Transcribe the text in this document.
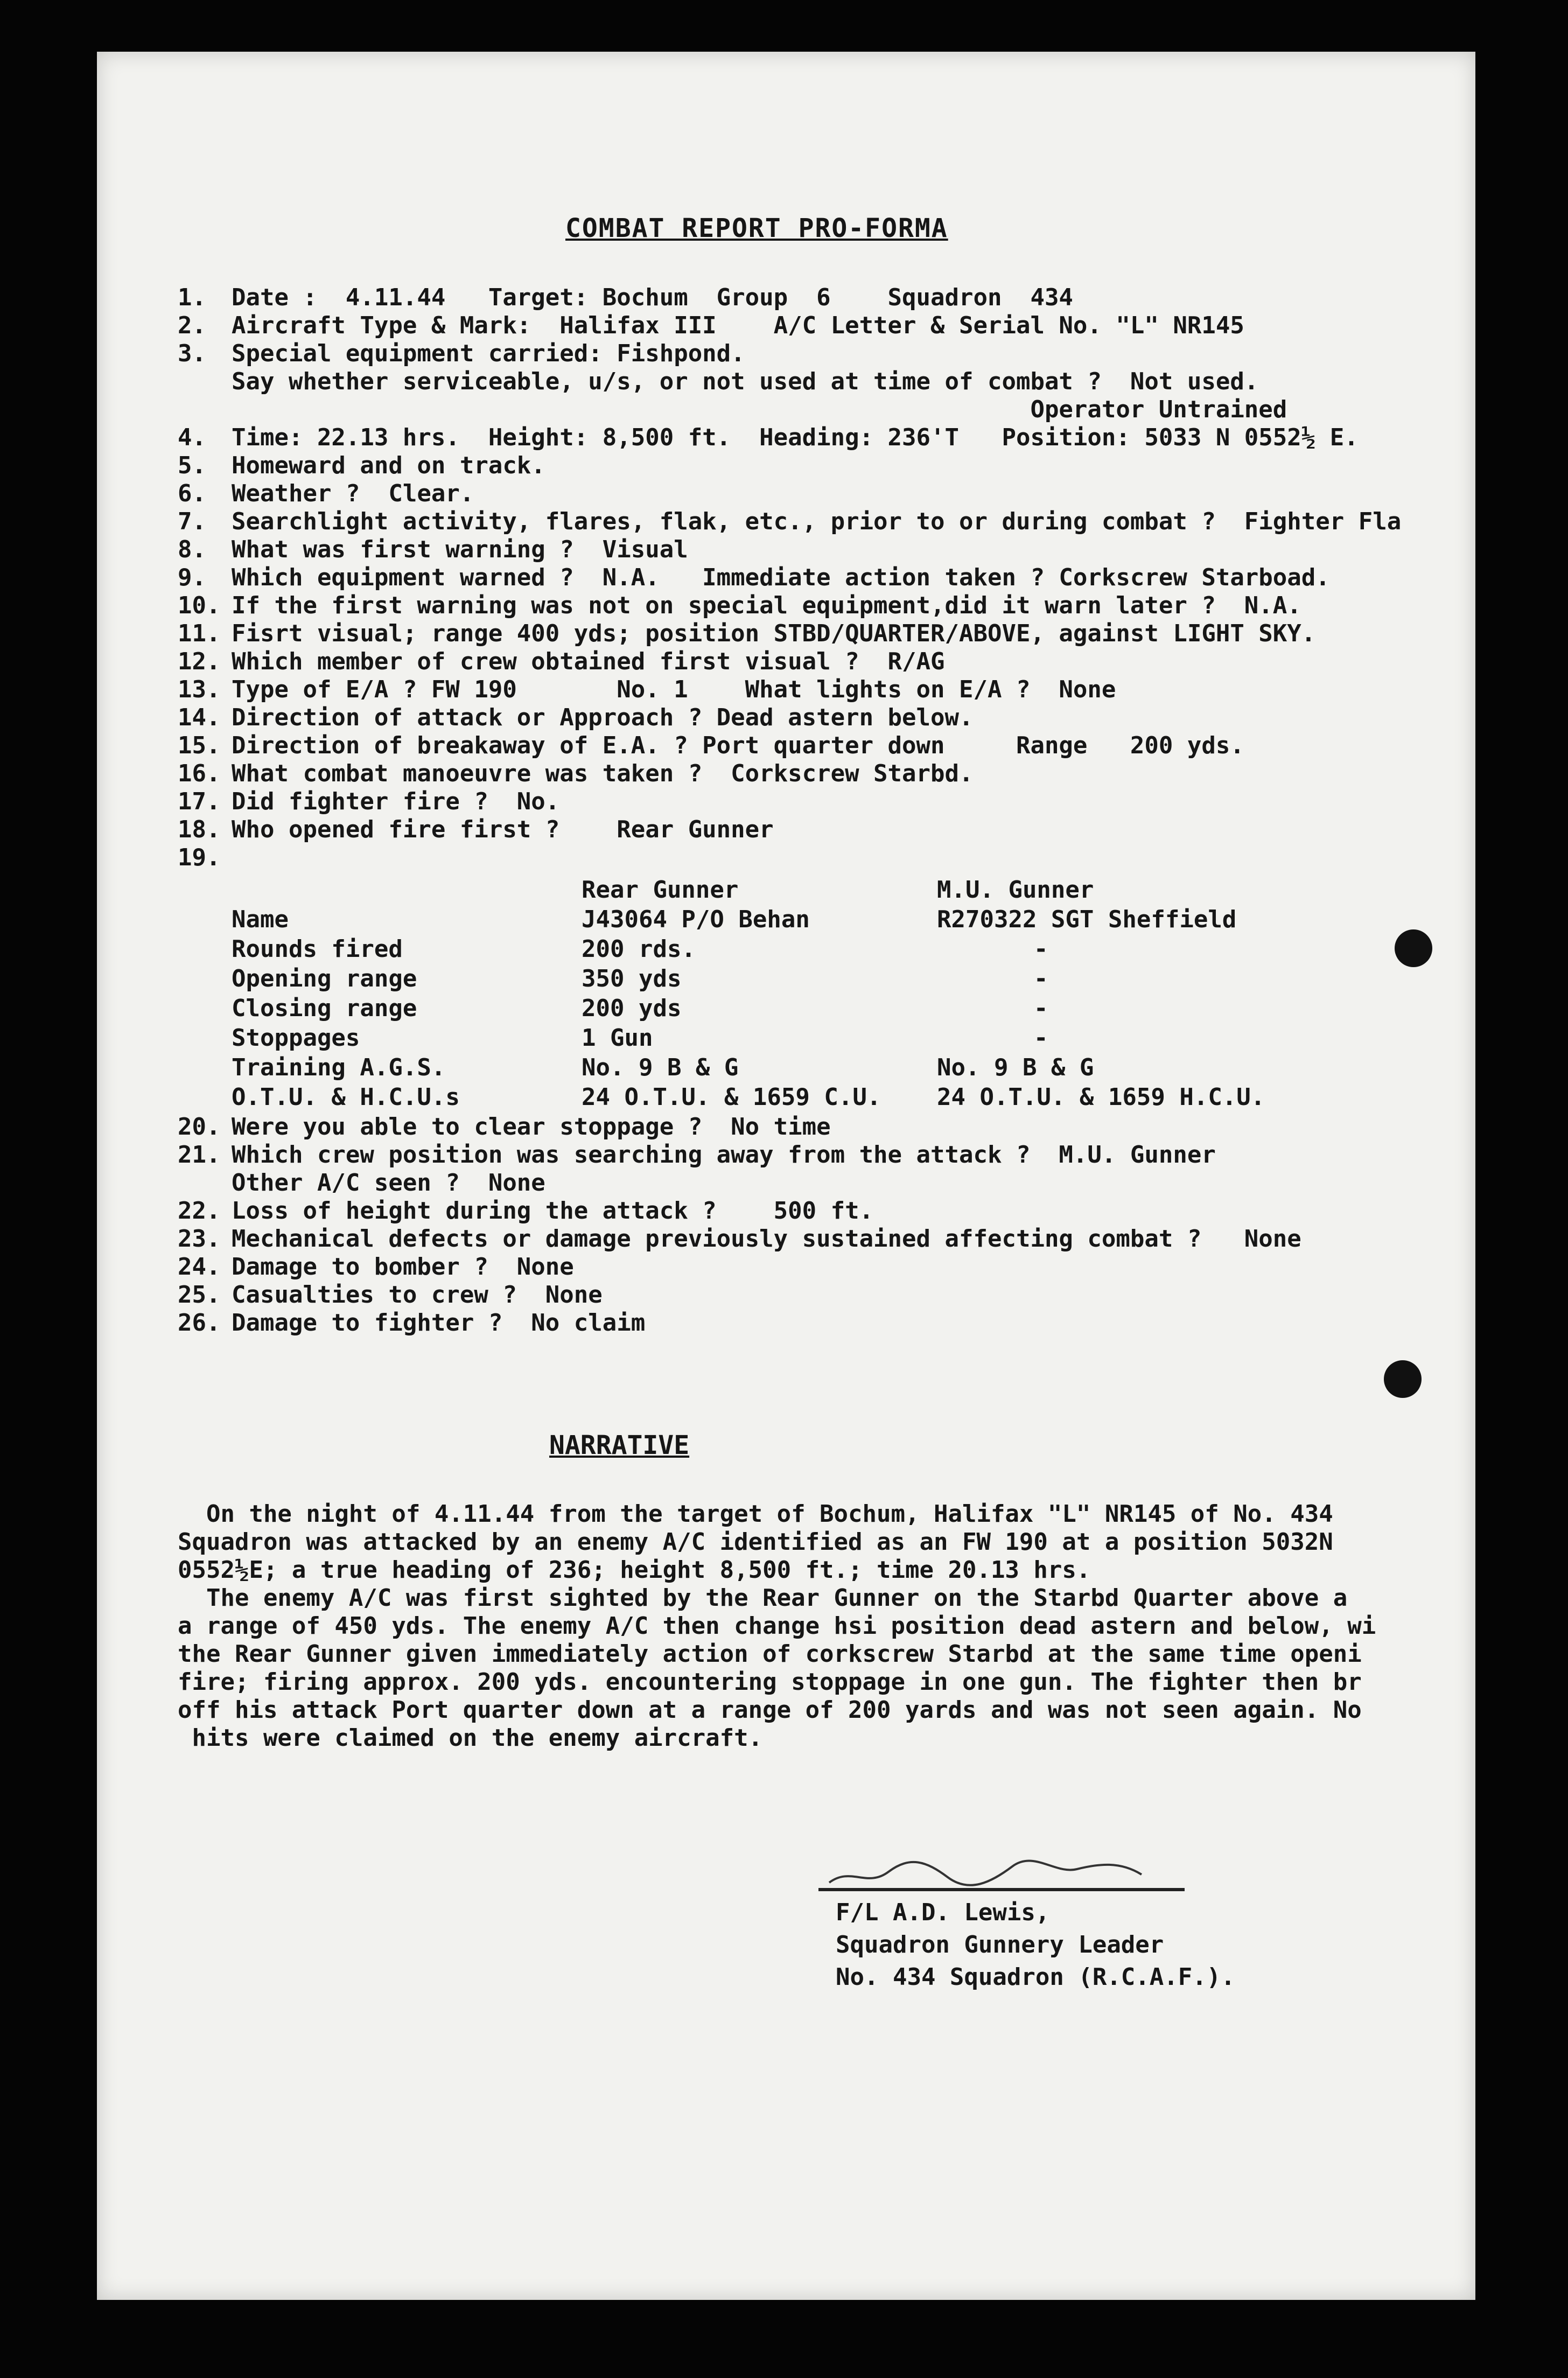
COMBAT REPORT PRO-FORMA
1. Date :  4.11.44   Target: Bochum  Group  6    Squadron  434
2. Aircraft Type & Mark:  Halifax III    A/C Letter & Serial No. "L" NR145
3. Special equipment carried: Fishpond.
Say whether serviceable, u/s, or not used at time of combat ?  Not used.
Operator Untrained
4. Time: 22.13 hrs.  Height: 8,500 ft.  Heading: 236'T   Position: 5033 N 0552½ E.
5. Homeward and on track.
6. Weather ?  Clear.
7. Searchlight activity, flares, flak, etc., prior to or during combat ?  Fighter Fla
8. What was first warning ?  Visual
9. Which equipment warned ?  N.A.   Immediate action taken ? Corkscrew Starboad.
10. If the first warning was not on special equipment,did it warn later ?  N.A.
11. Fisrt visual; range 400 yds; position STBD/QUARTER/ABOVE, against LIGHT SKY.
12. Which member of crew obtained first visual ?  R/AG
13. Type of E/A ? FW 190       No. 1    What lights on E/A ?  None
14. Direction of attack or Approach ? Dead astern below.
15. Direction of breakaway of E.A. ? Port quarter down     Range   200 yds.
16. What combat manoeuvre was taken ?  Corkscrew Starbd.
17. Did fighter fire ?  No.
18. Who opened fire first ?    Rear Gunner
19.
Rear Gunner	M.U. Gunner
Name	J43064 P/O Behan	R270322 SGT Sheffield
Rounds fired	200 rds.	-
Opening range	350 yds	-
Closing range	200 yds	-
Stoppages	1 Gun	-
Training A.G.S.	No. 9 B & G	No. 9 B & G
O.T.U. & H.C.U.s	24 O.T.U. & 1659 C.U. 24 O.T.U. & 1659 H.C.U.
20. Were you able to clear stoppage ?  No time
21. Which crew position was searching away from the attack ?  M.U. Gunner
Other A/C seen ?  None
22. Loss of height during the attack ?    500 ft.
23. Mechanical defects or damage previously sustained affecting combat ?   None
24. Damage to bomber ?  None
25. Casualties to crew ?  None
26. Damage to fighter ?  No claim
NARRATIVE
On the night of 4.11.44 from the target of Bochum, Halifax "L" NR145 of No. 434
Squadron was attacked by an enemy A/C identified as an FW 190 at a position 5032N
0552½E; a true heading of 236; height 8,500 ft.; time 20.13 hrs.
The enemy A/C was first sighted by the Rear Gunner on the Starbd Quarter above a
a range of 450 yds. The enemy A/C then change hsi position dead astern and below, wi
the Rear Gunner given immediately action of corkscrew Starbd at the same time openi
fire; firing approx. 200 yds. encountering stoppage in one gun. The fighter then br
off his attack Port quarter down at a range of 200 yards and was not seen again. No
hits were claimed on the enemy aircraft.
F/L A.D. Lewis,
Squadron Gunnery Leader
No. 434 Squadron (R.C.A.F.).
